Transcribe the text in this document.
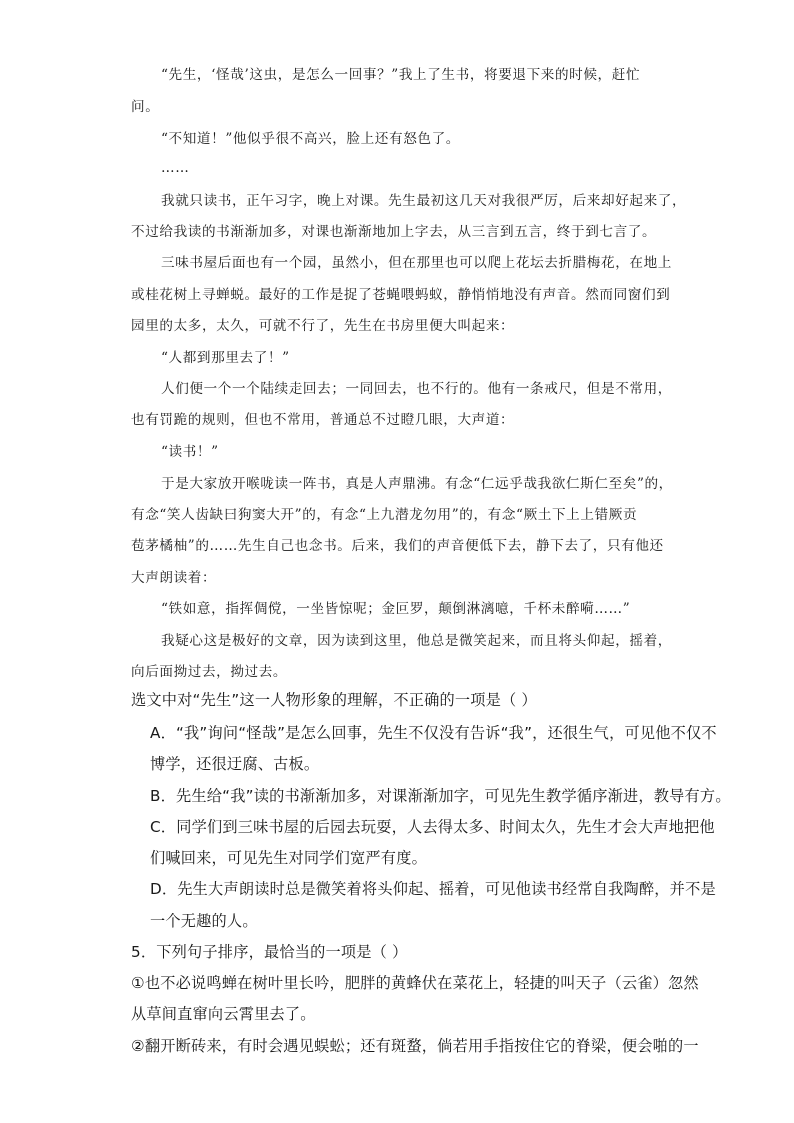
“先生，‘怪哉’这虫，是怎么一回事？”我上了生书，将要退下来的时候，赶忙
问。
“不知道！”他似乎很不高兴，脸上还有怒色了。
……
我就只读书，正午习字，晚上对课。先生最初这几天对我很严厉，后来却好起来了，
不过给我读的书渐渐加多，对课也渐渐地加上字去，从三言到五言，终于到七言了。
三味书屋后面也有一个园，虽然小，但在那里也可以爬上花坛去折腊梅花，在地上
或桂花树上寻蝉蜕。最好的工作是捉了苍蝇喂蚂蚁，静悄悄地没有声音。然而同窗们到
园里的太多，太久，可就不行了，先生在书房里便大叫起来：
“人都到那里去了！”
人们便一个一个陆续走回去；一同回去，也不行的。他有一条戒尺，但是不常用，
也有罚跪的规则，但也不常用，普通总不过瞪几眼，大声道：
“读书！”
于是大家放开喉咙读一阵书，真是人声鼎沸。有念“仁远乎哉我欲仁斯仁至矣”的，
有念“笑人齿缺曰狗窦大开”的，有念“上九潜龙勿用”的，有念“厥土下上上错厥贡
苞茅橘柚”的……先生自己也念书。后来，我们的声音便低下去，静下去了，只有他还
大声朗读着：
“铁如意，指挥倜傥，一坐皆惊呢；金叵罗，颠倒淋漓噫，千杯未醉嗬……”
我疑心这是极好的文章，因为读到这里，他总是微笑起来，而且将头仰起，摇着，
向后面拗过去，拗过去。
选文中对“先生”这一人物形象的理解，不正确的一项是（ ）
A．“我”询问“怪哉”是怎么回事，先生不仅没有告诉“我”，还很生气，可见他不仅不
博学，还很迂腐、古板。
B．先生给“我”读的书渐渐加多，对课渐渐加字，可见先生教学循序渐进，教导有方。
C．同学们到三味书屋的后园去玩耍，人去得太多、时间太久，先生才会大声地把他
们喊回来，可见先生对同学们宽严有度。
D．先生大声朗读时总是微笑着将头仰起、摇着，可见他读书经常自我陶醉，并不是
一个无趣的人。
5．下列句子排序，最恰当的一项是（ ）
①也不必说鸣蝉在树叶里长吟，肥胖的黄蜂伏在菜花上，轻捷的叫天子（云雀）忽然
从草间直窜向云霄里去了。
②翻开断砖来，有时会遇见蜈蚣；还有斑蝥，倘若用手指按住它的脊梁，便会啪的一
